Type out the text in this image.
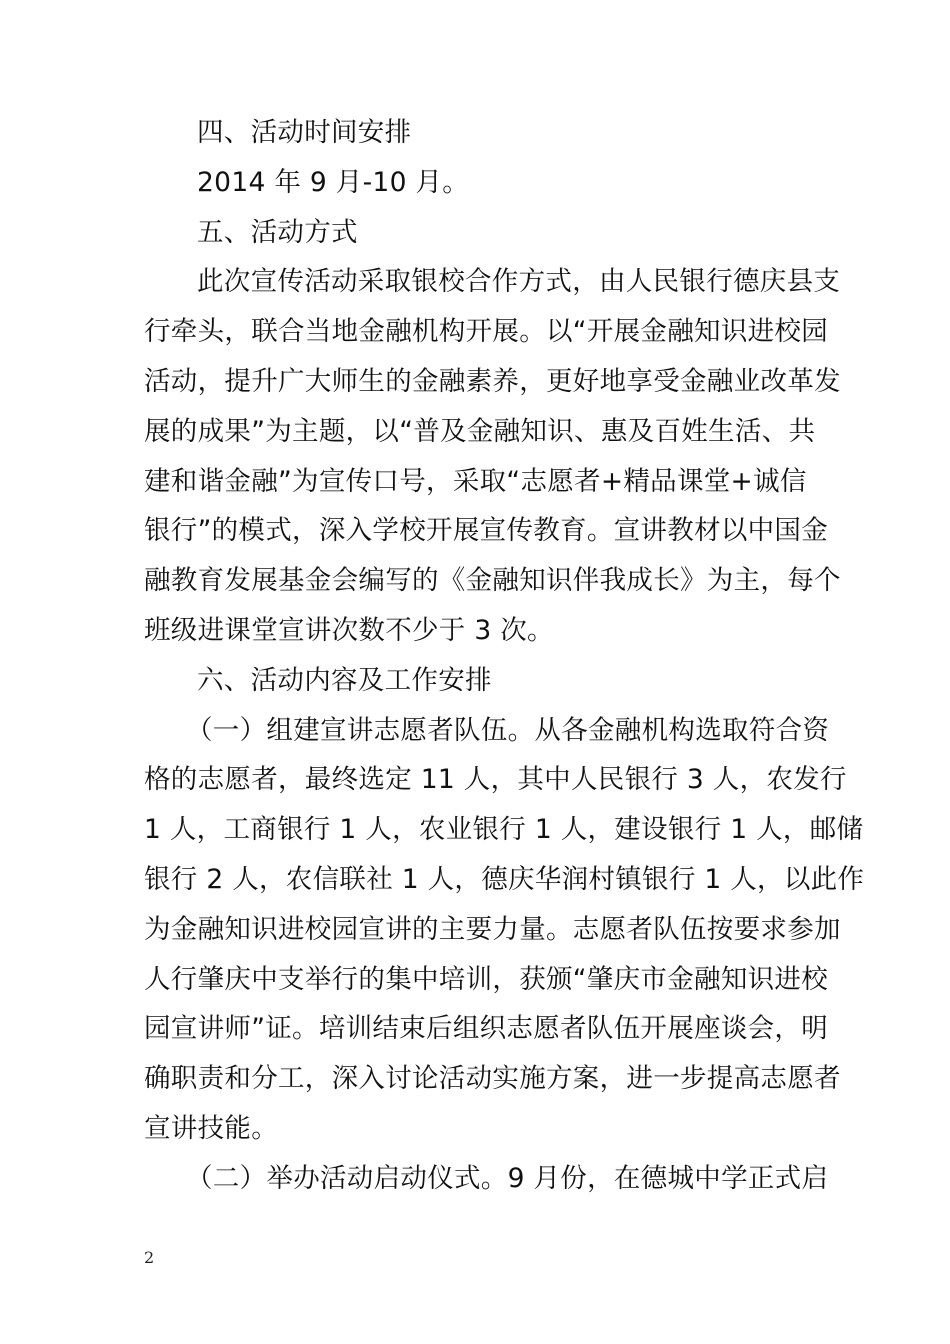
四、活动时间安排
2014 年 9 月-10 月。
五、活动方式
此次宣传活动采取银校合作方式，由人民银行德庆县支
行牵头，联合当地金融机构开展。以“开展金融知识进校园
活动，提升广大师生的金融素养，更好地享受金融业改革发
展的成果”为主题，以“普及金融知识、惠及百姓生活、共
建和谐金融”为宣传口号，采取“志愿者+精品课堂+诚信
银行”的模式，深入学校开展宣传教育。宣讲教材以中国金
融教育发展基金会编写的《金融知识伴我成长》为主，每个
班级进课堂宣讲次数不少于 3 次。
六、活动内容及工作安排
（一）组建宣讲志愿者队伍。从各金融机构选取符合资
格的志愿者，最终选定 11 人，其中人民银行 3 人，农发行
1 人，工商银行 1 人，农业银行 1 人，建设银行 1 人，邮储
银行 2 人，农信联社 1 人，德庆华润村镇银行 1 人，以此作
为金融知识进校园宣讲的主要力量。志愿者队伍按要求参加
人行肇庆中支举行的集中培训，获颁“肇庆市金融知识进校
园宣讲师”证。培训结束后组织志愿者队伍开展座谈会，明
确职责和分工，深入讨论活动实施方案，进一步提高志愿者
宣讲技能。
（二）举办活动启动仪式。9 月份，在德城中学正式启
2
